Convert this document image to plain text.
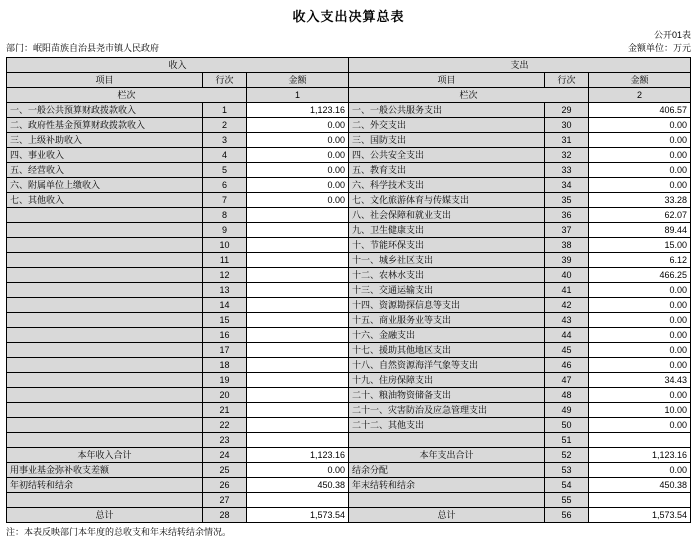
收入支出决算总表
部门：岷阳苗族自治县尧市镇人民政府
公开01表
金额单位：万元
收入			支出		
项目	行次	金额	项目	行次	金额
栏次		1	栏次		2
一、一般公共预算财政拨款收入	1	1,123.16	一、一般公共服务支出	29	406.57
二、政府性基金预算财政拨款收入	2	0.00	二、外交支出	30	0.00
三、上级补助收入	3	0.00	三、国防支出	31	0.00
四、事业收入	4	0.00	四、公共安全支出	32	0.00
五、经营收入	5	0.00	五、教育支出	33	0.00
六、附属单位上缴收入	6	0.00	六、科学技术支出	34	0.00
七、其他收入	7	0.00	七、文化旅游体育与传媒支出	35	33.28
	8		八、社会保障和就业支出	36	62.07
	9		九、卫生健康支出	37	89.44
	10		十、节能环保支出	38	15.00
	11		十一、城乡社区支出	39	6.12
	12		十二、农林水支出	40	466.25
	13		十三、交通运输支出	41	0.00
	14		十四、资源勘探信息等支出	42	0.00
	15		十五、商业服务业等支出	43	0.00
	16		十六、金融支出	44	0.00
	17		十七、援助其他地区支出	45	0.00
	18		十八、自然资源海洋气象等支出	46	0.00
	19		十九、住房保障支出	47	34.43
	20		二十、粮油物资储备支出	48	0.00
	21		二十一、灾害防治及应急管理支出	49	10.00
	22		二十二、其他支出	50	0.00
	23			51	
本年收入合计	24	1,123.16	本年支出合计	52	1,123.16
用事业基金弥补收支差额	25	0.00	结余分配	53	0.00
年初结转和结余	26	450.38	年末结转和结余	54	450.38
	27			55	
总计	28	1,573.54	总计	56	1,573.54
注：本表反映部门本年度的总收支和年末结转结余情况。
